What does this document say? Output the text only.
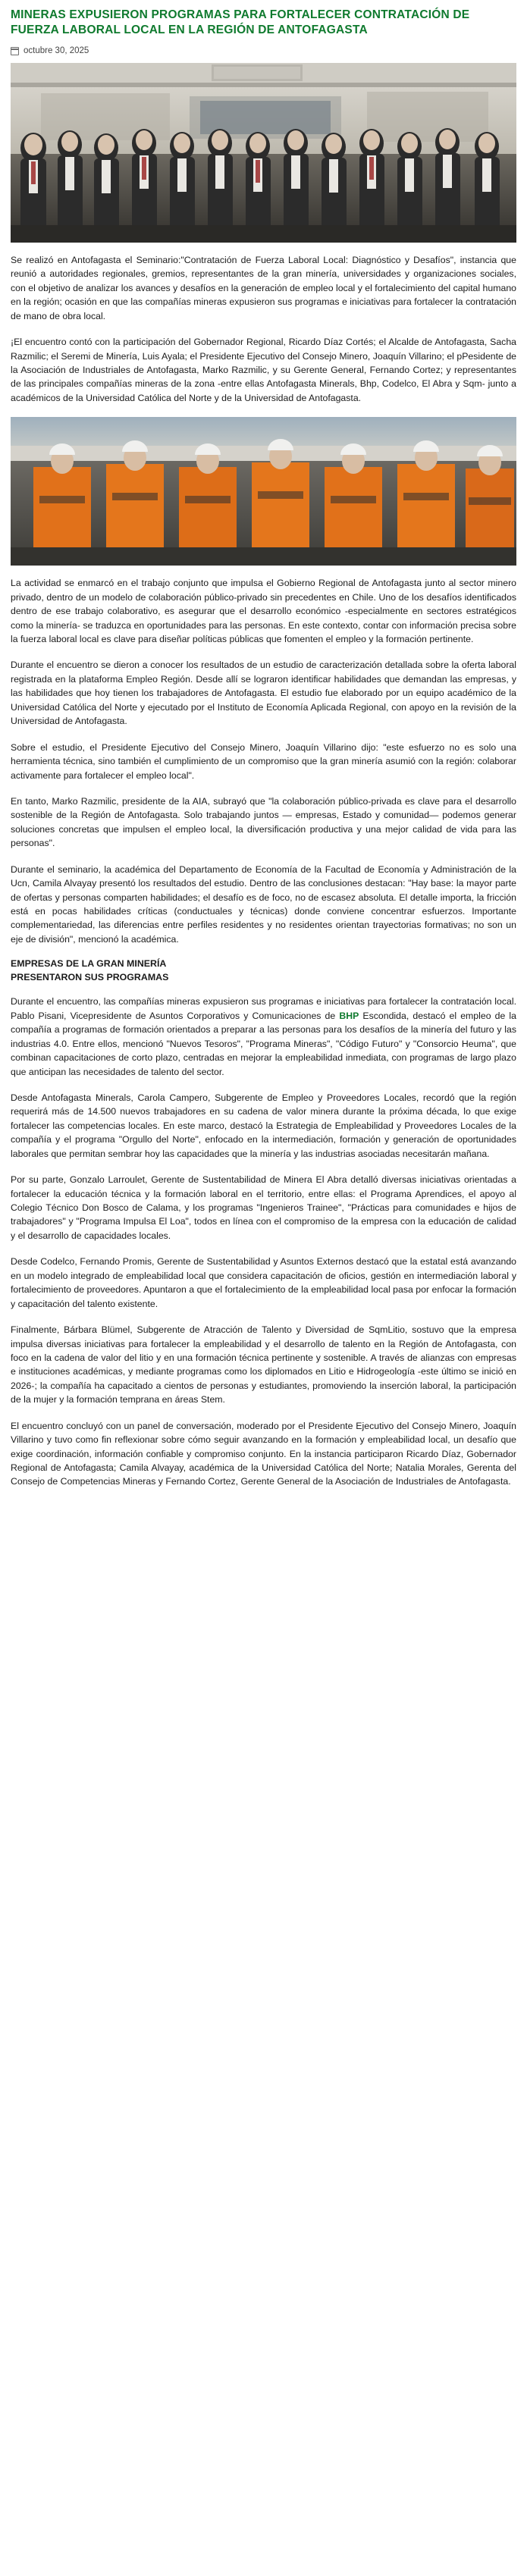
MINERAS EXPUSIERON PROGRAMAS PARA FORTALECER CONTRATACIÓN DE FUERZA LABORAL LOCAL EN LA REGIÓN DE ANTOFAGASTA
octubre 30, 2025

Se realizó en Antofagasta el Seminario:"Contratación de Fuerza Laboral Local: Diagnóstico y Desafíos", instancia que reunió a autoridades regionales, gremios, representantes de la gran minería, universidades y organizaciones sociales, con el objetivo de analizar los avances y desafíos en la generación de empleo local y el fortalecimiento del capital humano en la región; ocasión en que las compañías mineras expusieron sus programas e iniciativas para fortalecer la contratación de mano de obra local.

¡El encuentro contó con la participación del Gobernador Regional, Ricardo Díaz Cortés; el Alcalde de Antofagasta, Sacha Razmilic; el Seremi de Minería, Luis Ayala; el Presidente Ejecutivo del Consejo Minero, Joaquín Villarino; el pPesidente de la Asociación de Industriales de Antofagasta, Marko Razmilic, y su Gerente General, Fernando Cortez; y representantes de las principales compañías mineras de la zona -entre ellas Antofagasta Minerals, Bhp, Codelco, El Abra y Sqm- junto a académicos de la Universidad Católica del Norte y de la Universidad de Antofagasta.

La actividad se enmarcó en el trabajo conjunto que impulsa el Gobierno Regional de Antofagasta junto al sector minero privado, dentro de un modelo de colaboración público-privado sin precedentes en Chile. Uno de los desafíos identificados dentro de ese trabajo colaborativo, es asegurar que el desarrollo económico -especialmente en sectores estratégicos como la minería- se traduzca en oportunidades para las personas. En este contexto, contar con información precisa sobre la fuerza laboral local es clave para diseñar políticas públicas que fomenten el empleo y la formación pertinente.

Durante el encuentro se dieron a conocer los resultados de un estudio de caracterización detallada sobre la oferta laboral registrada en la plataforma Empleo Región. Desde allí se lograron identificar habilidades que demandan las empresas, y las habilidades que hoy tienen los trabajadores de Antofagasta. El estudio fue elaborado por un equipo académico de la Universidad Católica del Norte y ejecutado por el Instituto de Economía Aplicada Regional, con apoyo en la revisión de la Universidad de Antofagasta.

Sobre el estudio, el Presidente Ejecutivo del Consejo Minero, Joaquín Villarino dijo: "este esfuerzo no es solo una herramienta técnica, sino también el cumplimiento de un compromiso que la gran minería asumió con la región: colaborar activamente para fortalecer el empleo local".

En tanto, Marko Razmilic, presidente de la AIA, subrayó que "la colaboración público-privada es clave para el desarrollo sostenible de la Región de Antofagasta. Solo trabajando juntos — empresas, Estado y comunidad— podemos generar soluciones concretas que impulsen el empleo local, la diversificación productiva y una mejor calidad de vida para las personas".

Durante el seminario, la académica del Departamento de Economía de la Facultad de Economía y Administración de la Ucn, Camila Alvayay presentó los resultados del estudio. Dentro de las conclusiones destacan: "Hay base: la mayor parte de ofertas y personas comparten habilidades; el desafío es de foco, no de escasez absoluta. El detalle importa, la fricción está en pocas habilidades críticas (conductuales y técnicas) donde conviene concentrar esfuerzos. Importante complementariedad, las diferencias entre perfiles residentes y no residentes orientan trayectorias formativas; no son un eje de división", mencionó la académica.

EMPRESAS DE LA GRAN MINERÍA
PRESENTARON SUS PROGRAMAS

Durante el encuentro, las compañías mineras expusieron sus programas e iniciativas para fortalecer la contratación local. Pablo Pisani, Vicepresidente de Asuntos Corporativos y Comunicaciones de BHP Escondida, destacó el empleo de la compañía a programas de formación orientados a preparar a las personas para los desafíos de la minería del futuro y las industrias 4.0. Entre ellos, mencionó "Nuevos Tesoros", "Programa Mineras", "Código Futuro" y "Consorcio Heuma", que combinan capacitaciones de corto plazo, centradas en mejorar la empleabilidad inmediata, con programas de largo plazo que anticipan las necesidades de talento del sector.

Desde Antofagasta Minerals, Carola Campero, Subgerente de Empleo y Proveedores Locales, recordó que la región requerirá más de 14.500 nuevos trabajadores en su cadena de valor minera durante la próxima década, lo que exige fortalecer las competencias locales. En este marco, destacó la Estrategia de Empleabilidad y Proveedores Locales de la compañía y el programa "Orgullo del Norte", enfocado en la intermediación, formación y generación de oportunidades laborales que permitan sembrar hoy las capacidades que la minería y las industrias asociadas necesitarán mañana.

Por su parte, Gonzalo Larroulet, Gerente de Sustentabilidad de Minera El Abra detalló diversas iniciativas orientadas a fortalecer la educación técnica y la formación laboral en el territorio, entre ellas: el Programa Aprendices, el apoyo al Colegio Técnico Don Bosco de Calama, y los programas "Ingenieros Trainee", "Prácticas para comunidades e hijos de trabajadores" y "Programa Impulsa El Loa", todos en línea con el compromiso de la empresa con la educación de calidad y el desarrollo de capacidades locales.

Desde Codelco, Fernando Promis, Gerente de Sustentabilidad y Asuntos Externos destacó que la estatal está avanzando en un modelo integrado de empleabilidad local que considera capacitación de oficios, gestión en intermediación laboral y fortalecimiento de proveedores. Apuntaron a que el fortalecimiento de la empleabilidad local pasa por enfocar la formación y capacitación del talento existente.

Finalmente, Bárbara Blümel, Subgerente de Atracción de Talento y Diversidad de SqmLitio, sostuvo que la empresa impulsa diversas iniciativas para fortalecer la empleabilidad y el desarrollo de talento en la Región de Antofagasta, con foco en la cadena de valor del litio y en una formación técnica pertinente y sostenible. A través de alianzas con empresas e instituciones académicas, y mediante programas como los diplomados en Litio e Hidrogeología -este último se inició en 2026-; la compañía ha capacitado a cientos de personas y estudiantes, promoviendo la inserción laboral, la participación de la mujer y la formación temprana en áreas Stem.

El encuentro concluyó con un panel de conversación, moderado por el Presidente Ejecutivo del Consejo Minero, Joaquín Villarino y tuvo como fin reflexionar sobre cómo seguir avanzando en la formación y empleabilidad local, un desafío que exige coordinación, información confiable y compromiso conjunto. En la instancia participaron Ricardo Díaz, Gobernador Regional de Antofagasta; Camila Alvayay, académica de la Universidad Católica del Norte; Natalia Morales, Gerenta del Consejo de Competencias Mineras y Fernando Cortez, Gerente General de la Asociación de Industriales de Antofagasta.
